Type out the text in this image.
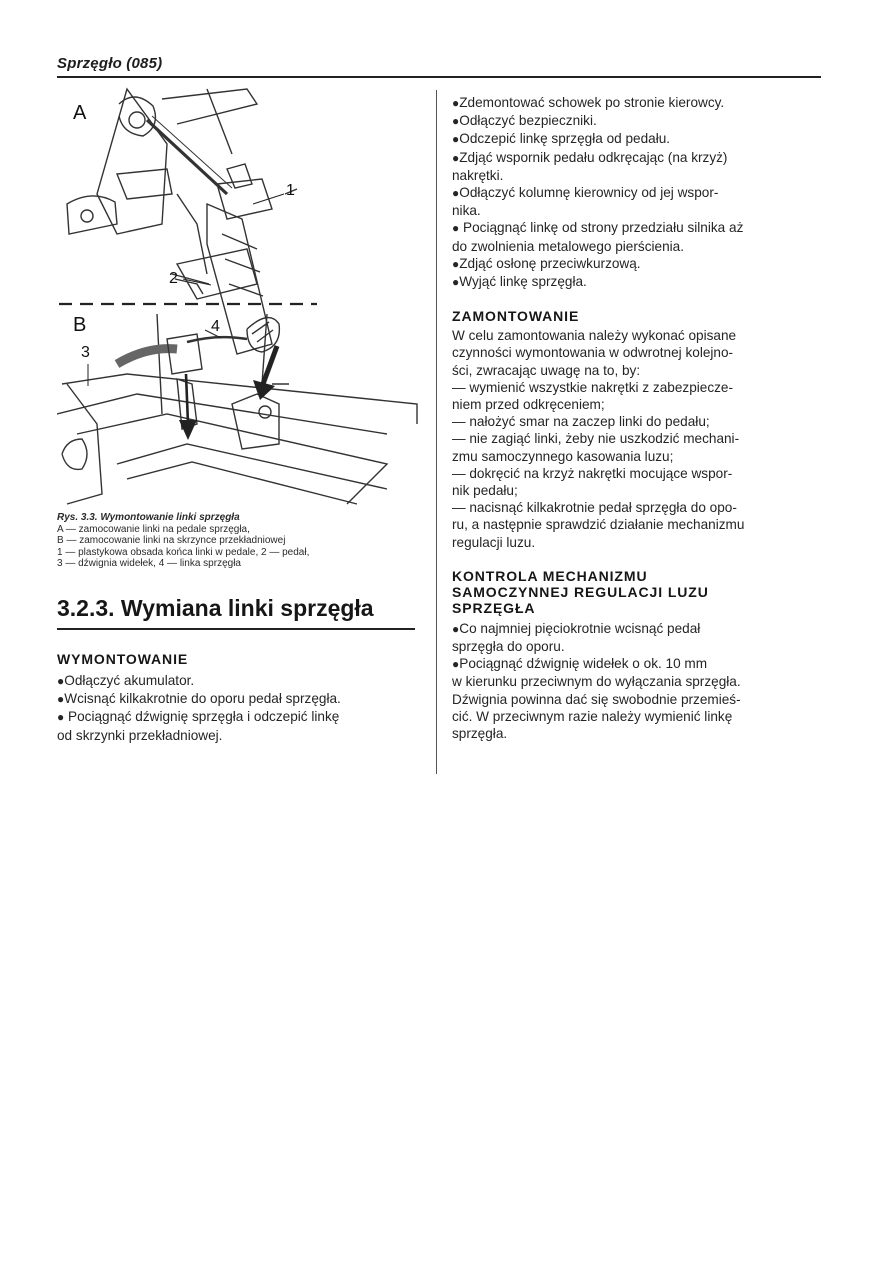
Sprzęgło (085)
A
B
1
2
3
4
Rys. 3.3. Wymontowanie linki sprzęgła
A — zamocowanie linki na pedale sprzęgła,
B — zamocowanie linki na skrzynce przekładniowej
1 — plastykowa obsada końca linki w pedale, 2 — pedał,
3 — dźwignia widełek, 4 — linka sprzęgła
3.2.3. Wymiana linki sprzęgła
WYMONTOWANIE
●Odłączyć akumulator.
●Wcisnąć kilkakrotnie do oporu pedał sprzęgła.
● Pociągnąć dźwignię sprzęgła i odczepić linkę
od skrzynki przekładniowej.
●Zdemontować schowek po stronie kierowcy.
●Odłączyć bezpieczniki.
●Odczepić linkę sprzęgła od pedału.
●Zdjąć wspornik pedału odkręcając (na krzyż)
nakrętki.
●Odłączyć kolumnę kierownicy od jej wspor-
nika.
● Pociągnąć linkę od strony przedziału silnika aż
do zwolnienia metalowego pierścienia.
●Zdjąć osłonę przeciwkurzową.
●Wyjąć linkę sprzęgła.
ZAMONTOWANIE
W celu zamontowania należy wykonać opisane
czynności wymontowania w odwrotnej kolejno-
ści, zwracając uwagę na to, by:
— wymienić wszystkie nakrętki z zabezpiecze-
niem przed odkręceniem;
— nałożyć smar na zaczep linki do pedału;
— nie zagiąć linki, żeby nie uszkodzić mechani-
zmu samoczynnego kasowania luzu;
— dokręcić na krzyż nakrętki mocujące wspor-
nik pedału;
— nacisnąć kilkakrotnie pedał sprzęgła do opo-
ru, a następnie sprawdzić działanie mechanizmu
regulacji luzu.
KONTROLA MECHANIZMU
SAMOCZYNNEJ REGULACJI LUZU
SPRZĘGŁA
●Co najmniej pięciokrotnie wcisnąć pedał
sprzęgła do oporu.
●Pociągnąć dźwignię widełek o ok. 10 mm
w kierunku przeciwnym do wyłączania sprzęgła.
Dźwignia powinna dać się swobodnie przemieś-
cić. W przeciwnym razie należy wymienić linkę
sprzęgła.
